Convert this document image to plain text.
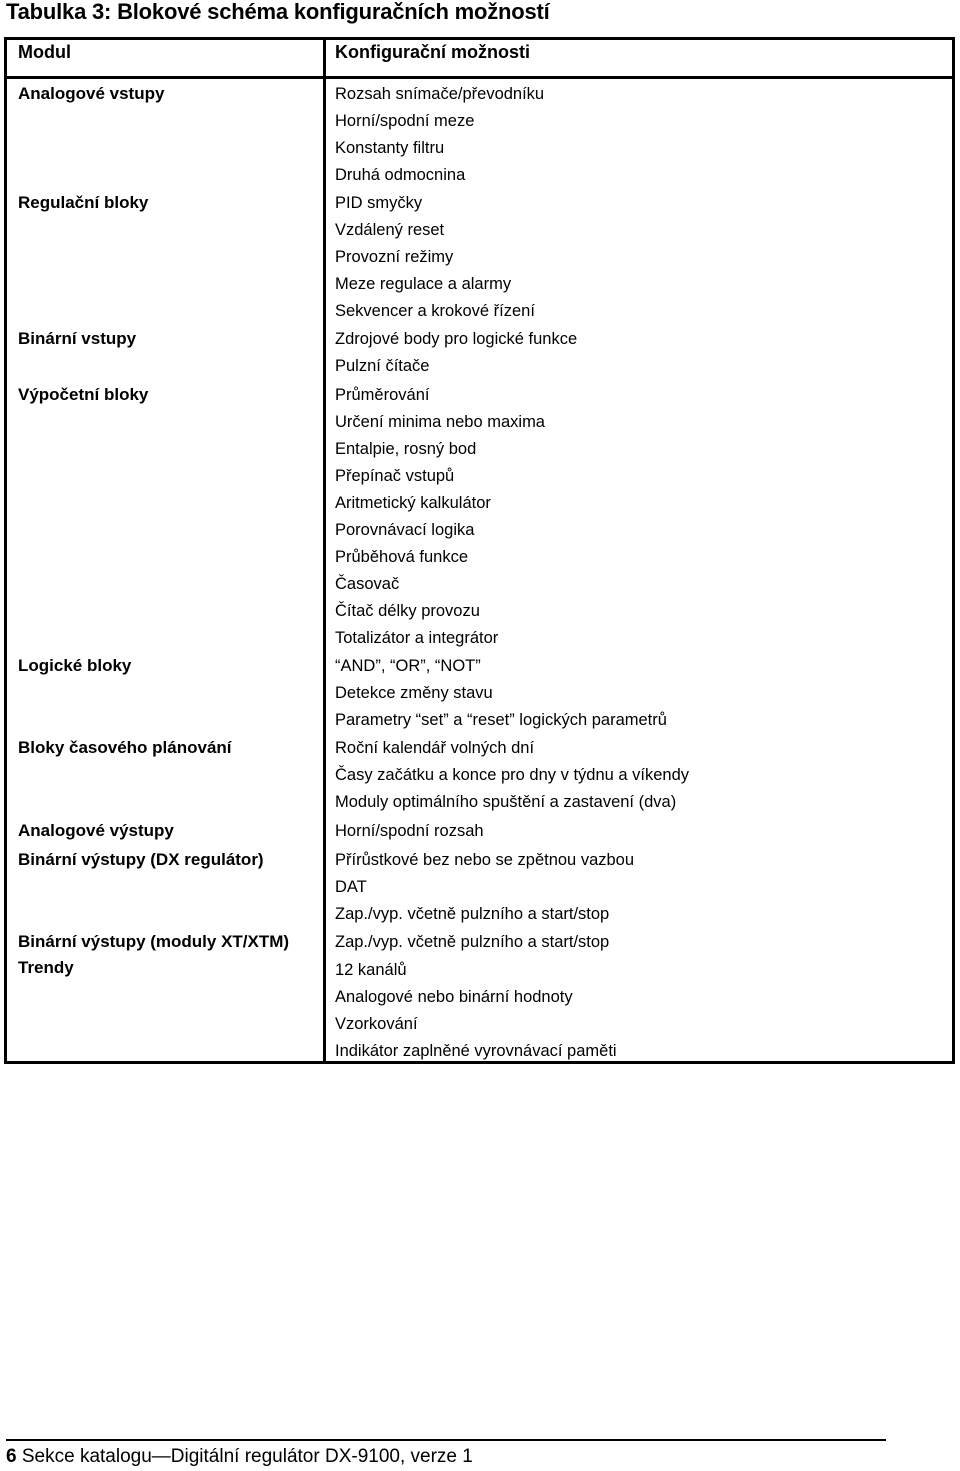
Tabulka 3: Blokové schéma konfiguračních možností
Modul	Konfigurační možnosti
Analogové vstupy
Regulační bloky
Binární vstupy
Výpočetní bloky
Logické bloky
Bloky časového plánování
Analogové výstupy
Binární výstupy (DX regulátor)
Binární výstupy (moduly XT/XTM)
Trendy
Rozsah snímače/převodníku
Horní/spodní meze
Konstanty filtru
Druhá odmocnina
PID smyčky
Vzdálený reset
Provozní režimy
Meze regulace a alarmy
Sekvencer a krokové řízení
Zdrojové body pro logické funkce
Pulzní čítače
Průměrování
Určení minima nebo maxima
Entalpie, rosný bod
Přepínač vstupů
Aritmetický kalkulátor
Porovnávací logika
Průběhová funkce
Časovač
Čítač délky provozu
Totalizátor a integrátor
“AND”, “OR”, “NOT”
Detekce změny stavu
Parametry “set” a “reset” logických parametrů
Roční kalendář volných dní
Časy začátku a konce pro dny v týdnu a víkendy
Moduly optimálního spuštění a zastavení (dva)
Horní/spodní rozsah
Přírůstkové bez nebo se zpětnou vazbou
DAT
Zap./vyp. včetně pulzního a start/stop
Zap./vyp. včetně pulzního a start/stop
12 kanálů
Analogové nebo binární hodnoty
Vzorkování
Indikátor zaplněné vyrovnávací paměti
6 Sekce katalogu—Digitální regulátor DX-9100, verze 1
